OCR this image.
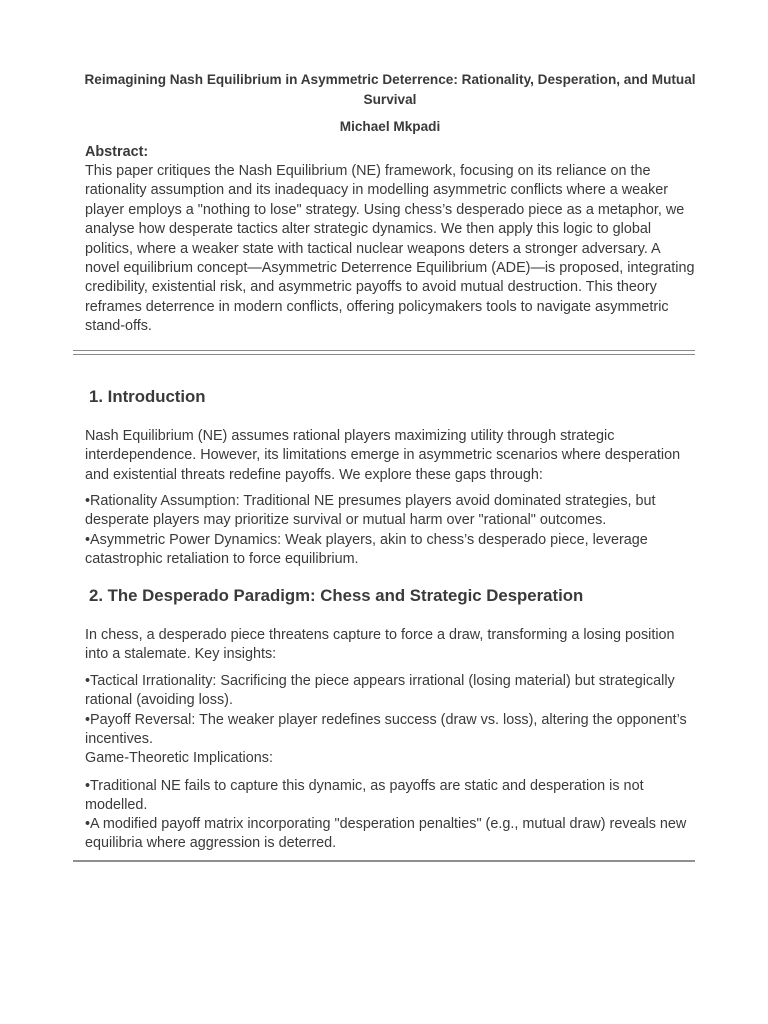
Reimagining Nash Equilibrium in Asymmetric Deterrence: Rationality, Desperation, and Mutual Survival
Michael Mkpadi
Abstract:
This paper critiques the Nash Equilibrium (NE) framework, focusing on its reliance on the rationality assumption and its inadequacy in modelling asymmetric conflicts where a weaker player employs a "nothing to lose" strategy. Using chess’s desperado piece as a metaphor, we analyse how desperate tactics alter strategic dynamics. We then apply this logic to global politics, where a weaker state with tactical nuclear weapons deters a stronger adversary. A novel equilibrium concept—Asymmetric Deterrence Equilibrium (ADE)—is proposed, integrating credibility, existential risk, and asymmetric payoffs to avoid mutual destruction. This theory reframes deterrence in modern conflicts, offering policymakers tools to navigate asymmetric stand-offs.
1. Introduction
Nash Equilibrium (NE) assumes rational players maximizing utility through strategic interdependence. However, its limitations emerge in asymmetric scenarios where desperation and existential threats redefine payoffs. We explore these gaps through:
•Rationality Assumption: Traditional NE presumes players avoid dominated strategies, but desperate players may prioritize survival or mutual harm over "rational" outcomes.
•Asymmetric Power Dynamics: Weak players, akin to chess’s desperado piece, leverage catastrophic retaliation to force equilibrium.
2. The Desperado Paradigm: Chess and Strategic Desperation
In chess, a desperado piece threatens capture to force a draw, transforming a losing position into a stalemate. Key insights:
•Tactical Irrationality: Sacrificing the piece appears irrational (losing material) but strategically rational (avoiding loss).
•Payoff Reversal: The weaker player redefines success (draw vs. loss), altering the opponent’s incentives.
Game-Theoretic Implications:
•Traditional NE fails to capture this dynamic, as payoffs are static and desperation is not modelled.
•A modified payoff matrix incorporating "desperation penalties" (e.g., mutual draw) reveals new equilibria where aggression is deterred.
